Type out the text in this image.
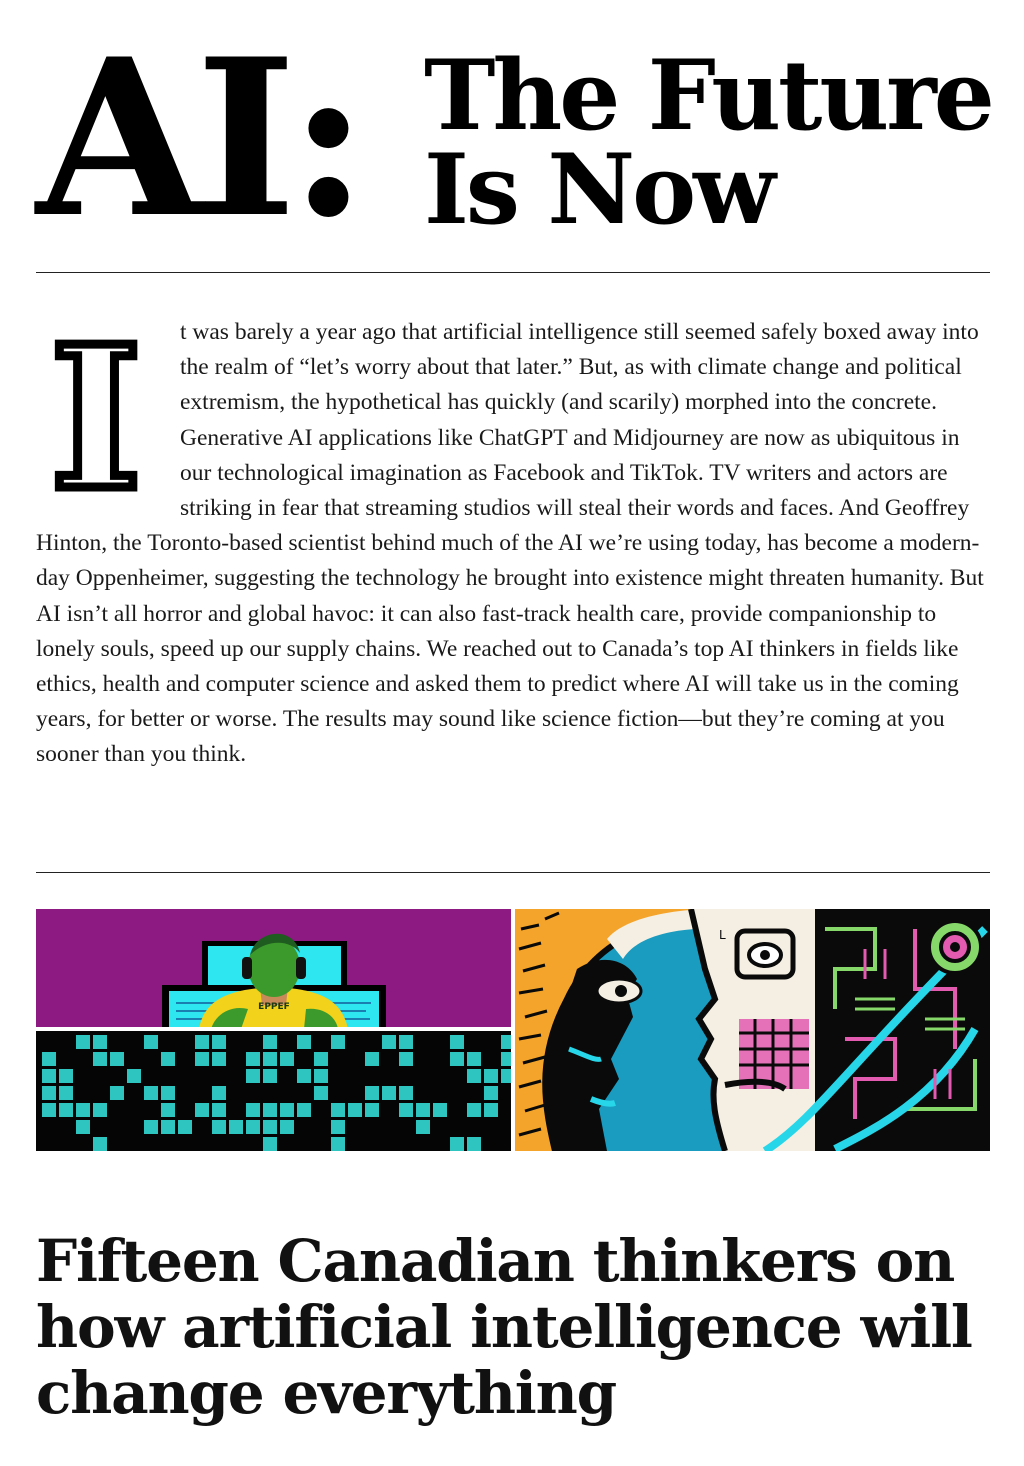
AI: The Future
Is Now
I t was barely a year ago that artificial intelligence still seemed safely boxed away into the realm of “let’s worry about that later.” But, as with climate change and political extremism, the hypothetical has quickly (and scarily) morphed into the concrete. Generative AI applications like ChatGPT and Midjourney are now as ubiquitous in our technological imagination as Facebook and TikTok. TV writers and actors are striking in fear that streaming studios will steal their words and faces. And Geoffrey Hinton, the Toronto-based scientist behind much of the AI we’re using today, has become a modern-day Oppenheimer, suggesting the technology he brought into existence might threaten humanity. But AI isn’t all horror and global havoc: it can also fast-track health care, provide companionship to lonely souls, speed up our supply chains. We reached out to Canada’s top AI thinkers in fields like ethics, health and computer science and asked them to predict where AI will take us in the coming years, for better or worse. The results may sound like science fiction—but they’re coming at you sooner than you think.
EPPEF
L
Fifteen Canadian thinkers on how artificial intelligence will change everything
